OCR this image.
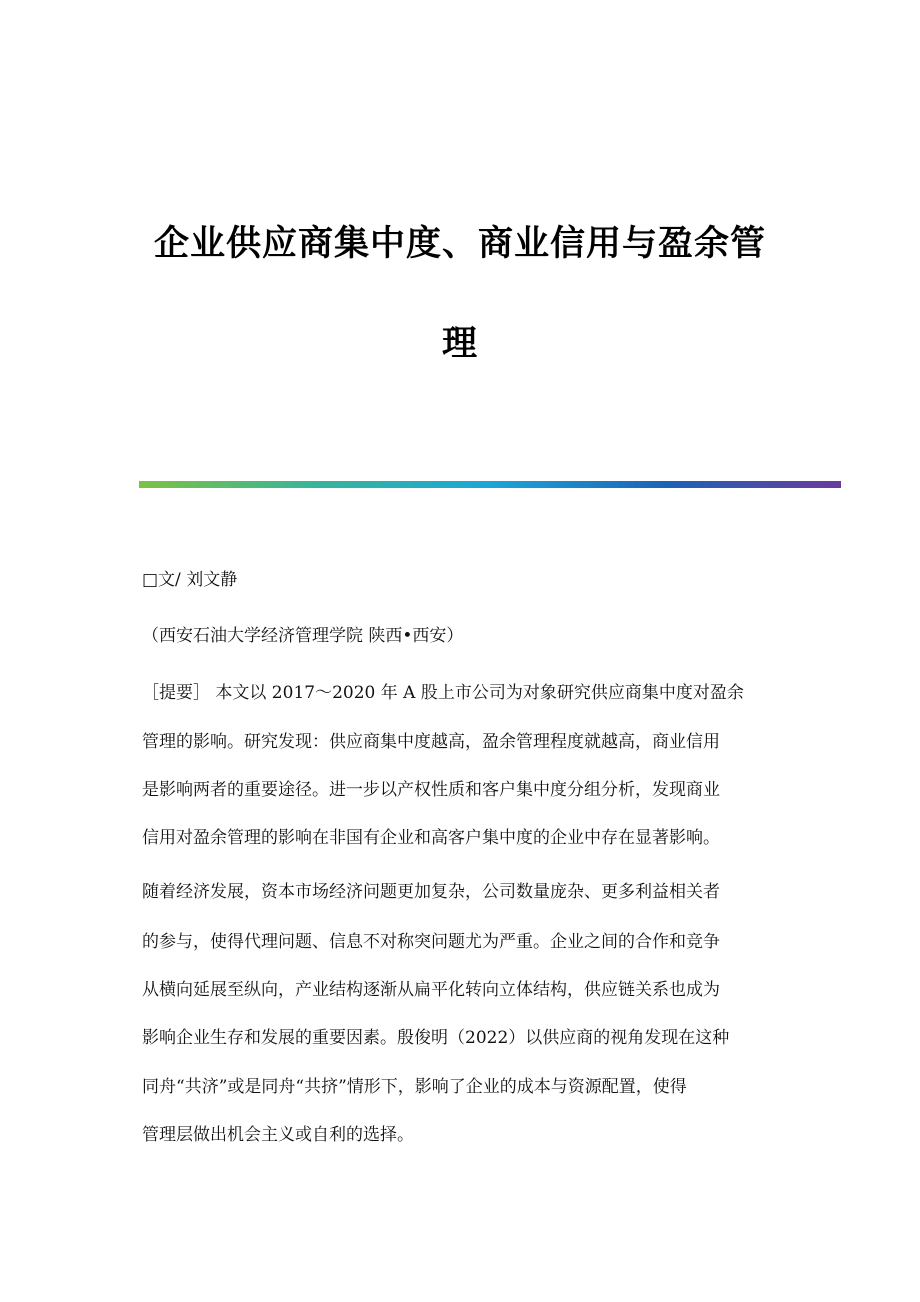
企业供应商集中度、商业信用与盈余管
理
□文/ 刘文静
（西安石油大学经济管理学院 陕西•西安）
［提要］ 本文以 2017～2020 年 A 股上市公司为对象研究供应商集中度对盈余
管理的影响。研究发现：供应商集中度越高，盈余管理程度就越高，商业信用
是影响两者的重要途径。进一步以产权性质和客户集中度分组分析，发现商业
信用对盈余管理的影响在非国有企业和高客户集中度的企业中存在显著影响。
随着经济发展，资本市场经济问题更加复杂，公司数量庞杂、更多利益相关者
的参与，使得代理问题、信息不对称突问题尤为严重。企业之间的合作和竞争
从横向延展至纵向，产业结构逐渐从扁平化转向立体结构，供应链关系也成为
影响企业生存和发展的重要因素。殷俊明（2022）以供应商的视角发现在这种
同舟“共济”或是同舟“共挤”情形下，影响了企业的成本与资源配置，使得
管理层做出机会主义或自利的选择。
